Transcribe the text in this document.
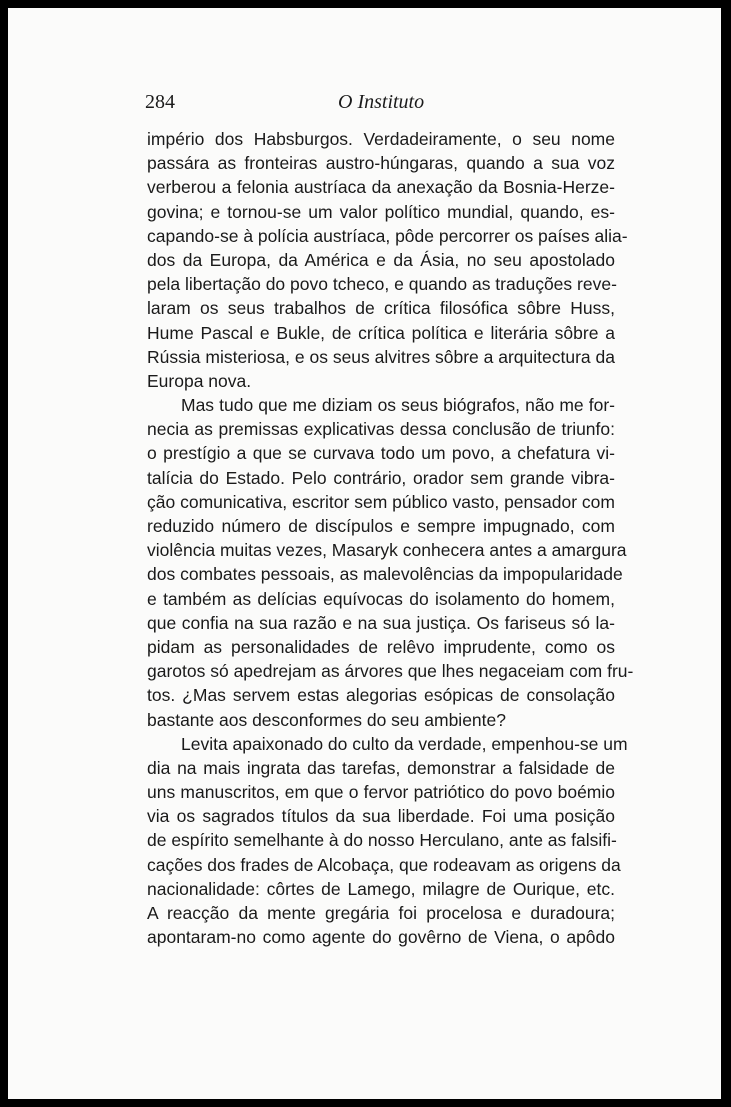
284	O Instituto
império dos Habsburgos. Verdadeiramente, o seu nome
passára as fronteiras austro-húngaras, quando a sua voz
verberou a felonia austríaca da anexação da Bosnia-Herze-
govina; e tornou-se um valor político mundial, quando, es-
capando-se à polícia austríaca, pôde percorrer os países alia-
dos da Europa, da América e da Ásia, no seu apostolado
pela libertação do povo tcheco, e quando as traduções reve-
laram os seus trabalhos de crítica filosófica sôbre Huss,
Hume Pascal e Bukle, de crítica política e literária sôbre a
Rússia misteriosa, e os seus alvitres sôbre a arquitectura da
Europa nova.
Mas tudo que me diziam os seus biógrafos, não me for-
necia as premissas explicativas dessa conclusão de triunfo:
o prestígio a que se curvava todo um povo, a chefatura vi-
talícia do Estado. Pelo contrário, orador sem grande vibra-
ção comunicativa, escritor sem público vasto, pensador com
reduzido número de discípulos e sempre impugnado, com
violência muitas vezes, Masaryk conhecera antes a amargura
dos combates pessoais, as malevolências da impopularidade
e também as delícias equívocas do isolamento do homem,
que confia na sua razão e na sua justiça. Os fariseus só la-
pidam as personalidades de relêvo imprudente, como os
garotos só apedrejam as árvores que lhes negaceiam com fru-
tos. ¿Mas servem estas alegorias esópicas de consolação
bastante aos desconformes do seu ambiente?
Levita apaixonado do culto da verdade, empenhou-se um
dia na mais ingrata das tarefas, demonstrar a falsidade de
uns manuscritos, em que o fervor patriótico do povo boémio
via os sagrados títulos da sua liberdade. Foi uma posição
de espírito semelhante à do nosso Herculano, ante as falsifi-
cações dos frades de Alcobaça, que rodeavam as origens da
nacionalidade: côrtes de Lamego, milagre de Ourique, etc.
A reacção da mente gregária foi procelosa e duradoura;
apontaram-no como agente do govêrno de Viena, o apôdo
